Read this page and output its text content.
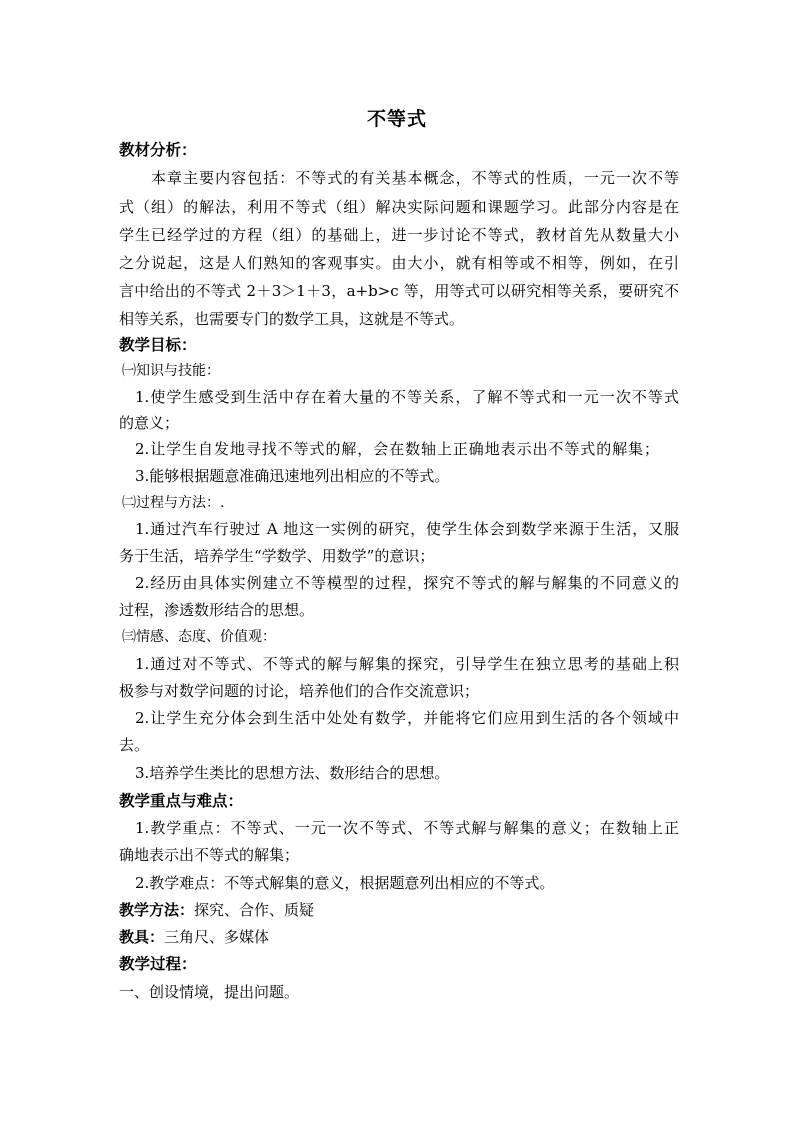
不等式
教材分析：
本章主要内容包括：不等式的有关基本概念，不等式的性质，一元一次不等
式（组）的解法，利用不等式（组）解决实际问题和课题学习。此部分内容是在
学生已经学过的方程（组）的基础上，进一步讨论不等式，教材首先从数量大小
之分说起，这是人们熟知的客观事实。由大小，就有相等或不相等，例如，在引
言中给出的不等式 2＋3＞1＋3，a+b>c 等，用等式可以研究相等关系，要研究不
相等关系，也需要专门的数学工具，这就是不等式。
教学目标：
㈠知识与技能：
1.使学生感受到生活中存在着大量的不等关系，了解不等式和一元一次不等式
的意义；
2.让学生自发地寻找不等式的解，会在数轴上正确地表示出不等式的解集；
3.能够根据题意准确迅速地列出相应的不等式。
㈡过程与方法：.
1.通过汽车行驶过 A 地这一实例的研究，使学生体会到数学来源于生活，又服
务于生活，培养学生“学数学、用数学”的意识；
2.经历由具体实例建立不等模型的过程，探究不等式的解与解集的不同意义的
过程，渗透数形结合的思想。
㈢情感、态度、价值观：
1.通过对不等式、不等式的解与解集的探究，引导学生在独立思考的基础上积
极参与对数学问题的讨论，培养他们的合作交流意识；
2.让学生充分体会到生活中处处有数学，并能将它们应用到生活的各个领域中
去。
3.培养学生类比的思想方法、数形结合的思想。
教学重点与难点：
1.教学重点：不等式、一元一次不等式、不等式解与解集的意义；在数轴上正
确地表示出不等式的解集；
2.教学难点：不等式解集的意义，根据题意列出相应的不等式。
教学方法：探究、合作、质疑
教具：三角尺、多媒体
教学过程：
一、创设情境，提出问题。
